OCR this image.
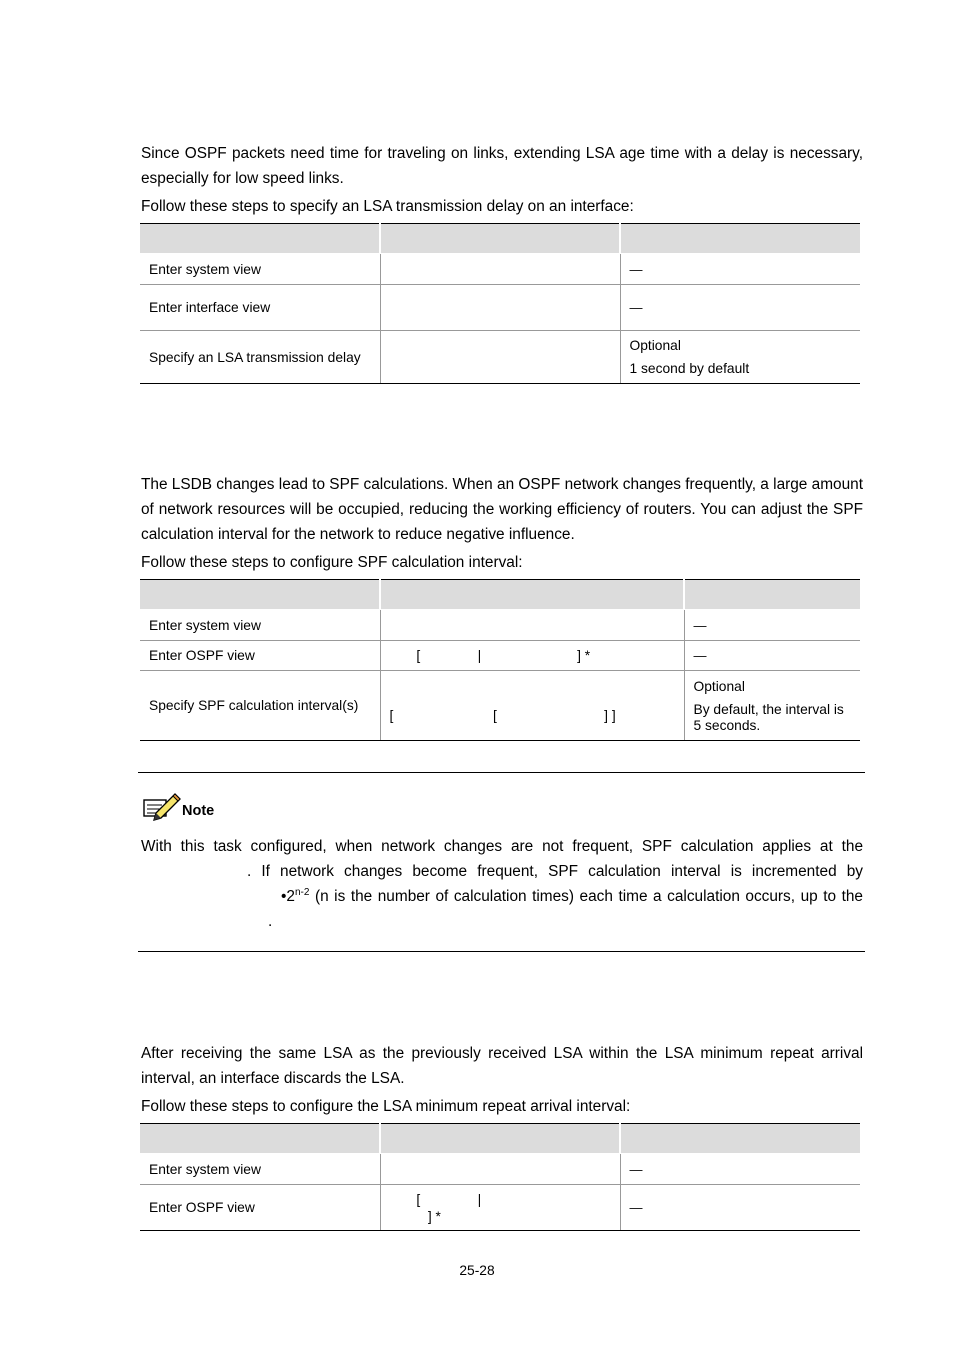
Since OSPF packets need time for traveling on links, extending LSA age time with a delay is necessary, especially for low speed links.

Follow these steps to specify an LSA transmission delay on an interface:

Enter system view		—
Enter interface view		—
Specify an LSA transmission delay		Optional
1 second by default

The LSDB changes lead to SPF calculations. When an OSPF network changes frequently, a large amount of network resources will be occupied, reducing the working efficiency of routers. You can adjust the SPF calculation interval for the network to reduce negative influence.

Follow these steps to configure SPF calculation interval:

Enter system view		—
Enter OSPF view	[               |                         ] *	—
Specify SPF calculation interval(s)	[                          [                            ] ]	Optional
By default, the interval is
5 seconds.
Note
With this task configured, when network changes are not frequent, SPF calculation applies at the
. If network changes become frequent, SPF calculation interval is incremented by
•2$^{n-2}$ (n is the number of calculation times) each time a calculation occurs, up to the
.

After receiving the same LSA as the previously received LSA within the LSA minimum repeat arrival interval, an interface discards the LSA.

Follow these steps to configure the LSA minimum repeat arrival interval:

Enter system view		—
Enter OSPF view	[               |
] *	—
25-28
